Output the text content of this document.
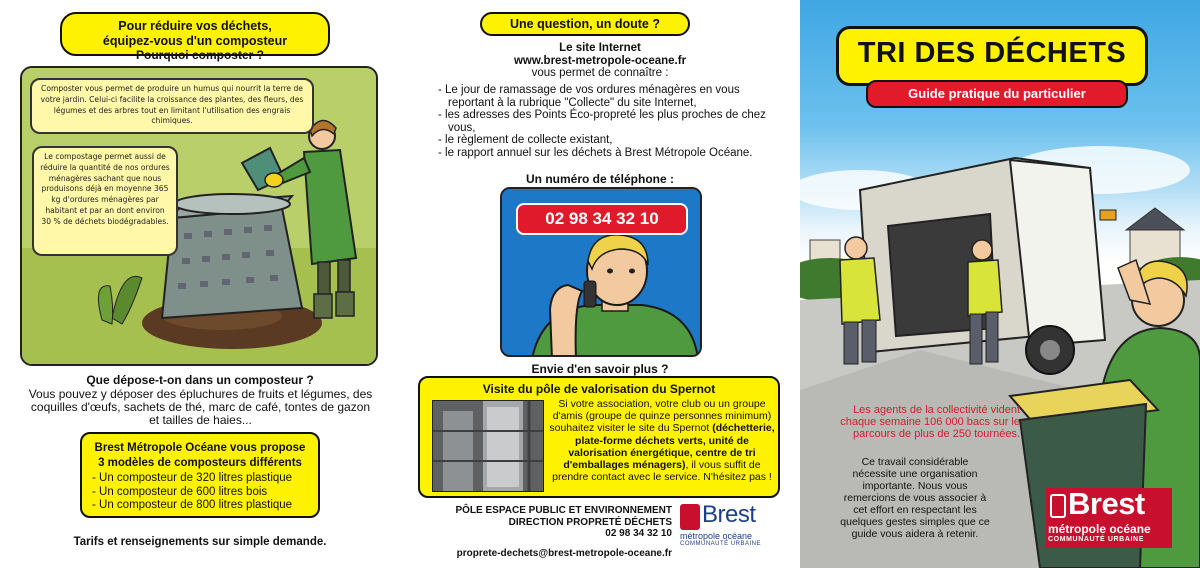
Pour réduire vos déchets,
équipez-vous d'un composteur
Pourquoi composter ?
Composter vous permet de produire un humus qui nourrit la terre de votre jardin. Celui-ci facilite la croissance des plantes, des fleurs, des légumes et des arbres tout en limitant l'utilisation des engrais chimiques.
Le compostage permet aussi de réduire la quantité de nos ordures ménagères sachant que nous produisons déjà en moyenne 365 kg d'ordures ménagères par habitant et par an dont environ 30 % de déchets biodégradables.
Que dépose-t-on dans un composteur ?
Vous pouvez y déposer des épluchures de fruits et légumes, des coquilles d'œufs, sachets de thé, marc de café, tontes de gazon et tailles de haies...
Brest Métropole Océane vous propose
3 modèles de composteurs différents
- Un composteur de 320 litres plastique
- Un composteur de 600 litres bois
- Un composteur de 800 litres plastique
Tarifs et renseignements sur simple demande.
Une question, un doute ?
Le site Internet
www.brest-metropole-oceane.fr
vous permet de connaître :
- Le jour de ramassage de vos ordures ménagères en vous reportant à la rubrique "Collecte" du site Internet,
- les adresses des Points Éco-propreté les plus proches de chez vous,
- le règlement de collecte existant,
- le rapport annuel sur les déchets à Brest Métropole Océane.
Un numéro de téléphone :
02 98 34 32 10
Envie d'en savoir plus ?
Visite du pôle de valorisation du Spernot
Si votre association, votre club ou un groupe d'amis (groupe de quinze personnes minimum) souhaitez visiter le site du Spernot (déchetterie, plate-forme déchets verts, unité de valorisation énergétique, centre de tri d'emballages ménagers), il vous suffit de prendre contact avec le service. N'hésitez pas !
PÔLE ESPACE PUBLIC ET ENVIRONNEMENT
DIRECTION PROPRETÉ DÉCHETS
02 98 34 32 10
proprete-dechets@brest-metropole-oceane.fr
Brest
métropole océane
COMMUNAUTÉ URBAINE
TRI DES DÉCHETS
Guide pratique du particulier
Les agents de la collectivité vident chaque semaine 106 000 bacs sur le parcours de plus de 250 tournées.
Ce travail considérable nécessite une organisation importante. Nous vous remercions de vous associer à cet effort en respectant les quelques gestes simples que ce guide vous aidera à retenir.
Brest
métropole océane
COMMUNAUTÉ URBAINE
